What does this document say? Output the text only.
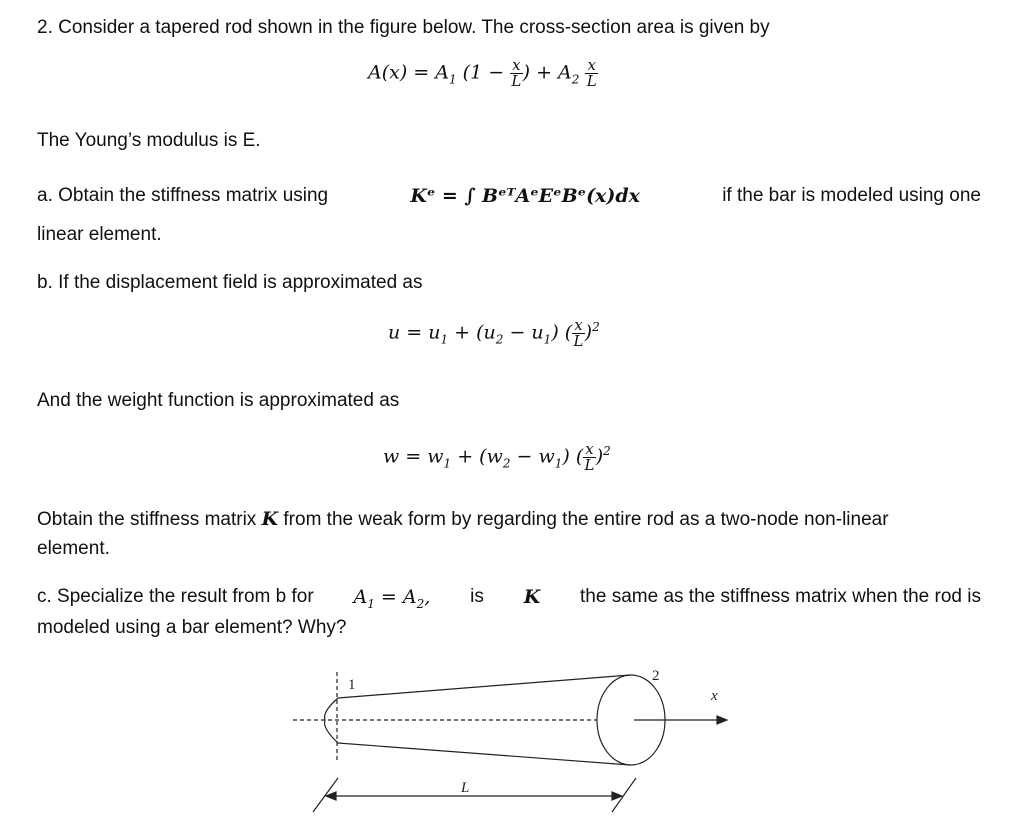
2. Consider a tapered rod shown in the figure below. The cross-section area is given by
$A(x) = A_1$ ($1 - \frac{x}{L}$ ) + $A_2 \frac{x}{L}$
The Young’s modulus is E.
a. Obtain the stiffness matrix using	Kᵉ = ∫ BᵉᵀAᵉEᵉBᵉ(x)dx	if the bar is modeled using one
linear element.
b. If the displacement field is approximated as
$u = u_1 + (u_2 - u_1)$ ( $\frac{x}{L} )^2$
And the weight function is approximated as
$w = w_1 + (w_2 - w_1)$ ( $\frac{x}{L} )^2$
Obtain the stiffness matrix K from the weak form by regarding the entire rod as a two-node non-linear
element.
c. Specialize the result from b for $A_1 = A_2$, is K the same as the stiffness matrix when the rod is
modeled using a bar element? Why?
1
2
x
L
